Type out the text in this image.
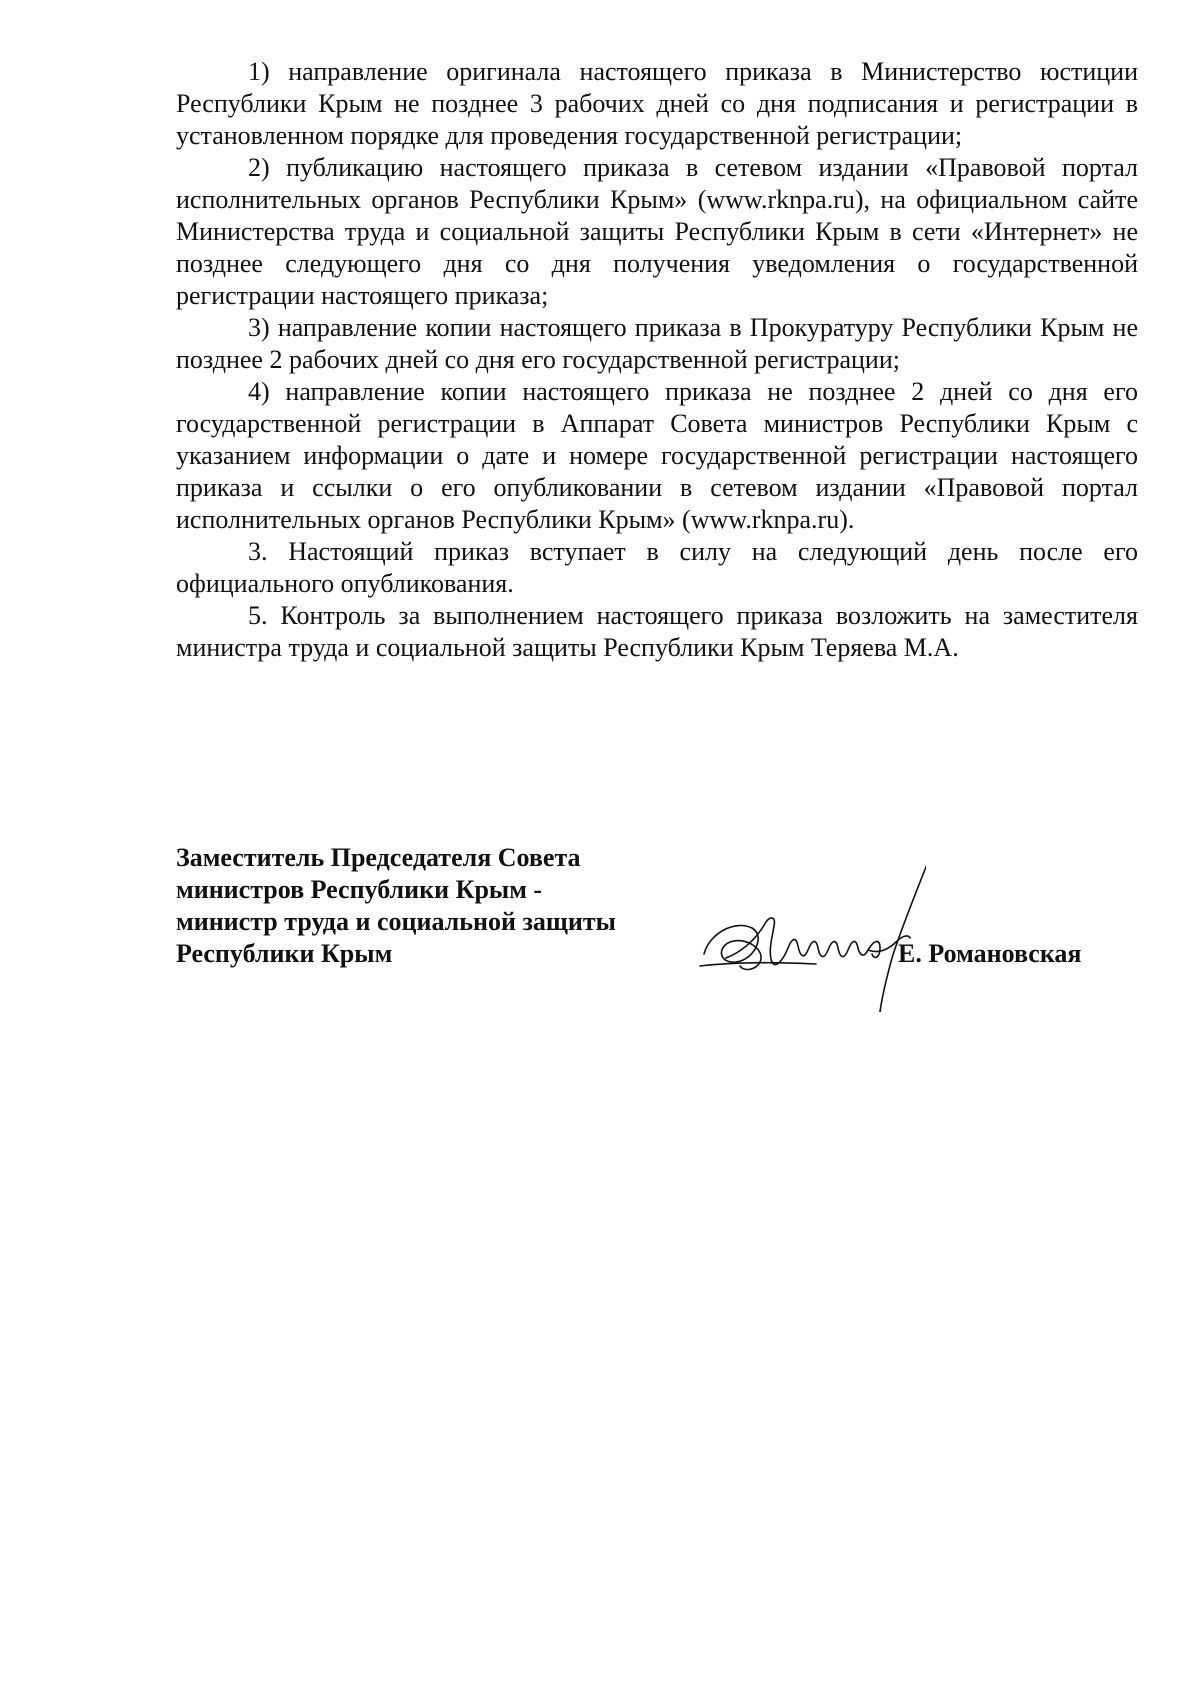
1) направление оригинала настоящего приказа в Министерство юстиции Республики Крым не позднее 3 рабочих дней со дня подписания и регистрации в установленном порядке для проведения государственной регистрации;

2) публикацию настоящего приказа в сетевом издании «Правовой портал исполнительных органов Республики Крым» (www.rknpa.ru), на официальном сайте Министерства труда и социальной защиты Республики Крым в сети «Интернет» не позднее следующего дня со дня получения уведомления о государственной регистрации настоящего приказа;

3) направление копии настоящего приказа в Прокуратуру Республики Крым не позднее 2 рабочих дней со дня его государственной регистрации;

4) направление копии настоящего приказа не позднее 2 дней со дня его государственной регистрации в Аппарат Совета министров Республики Крым с указанием информации о дате и номере государственной регистрации настоящего приказа и ссылки о его опубликовании в сетевом издании «Правовой портал исполнительных органов Республики Крым» (www.rknpa.ru).

3. Настоящий приказ вступает в силу на следующий день после его официального опубликования.

5. Контроль за выполнением настоящего приказа возложить на заместителя министра труда и социальной защиты Республики Крым Теряева М.А.

Заместитель Председателя Совета
министров Республики Крым -
министр труда и социальной защиты
Республики Крым	Е. Романовская
